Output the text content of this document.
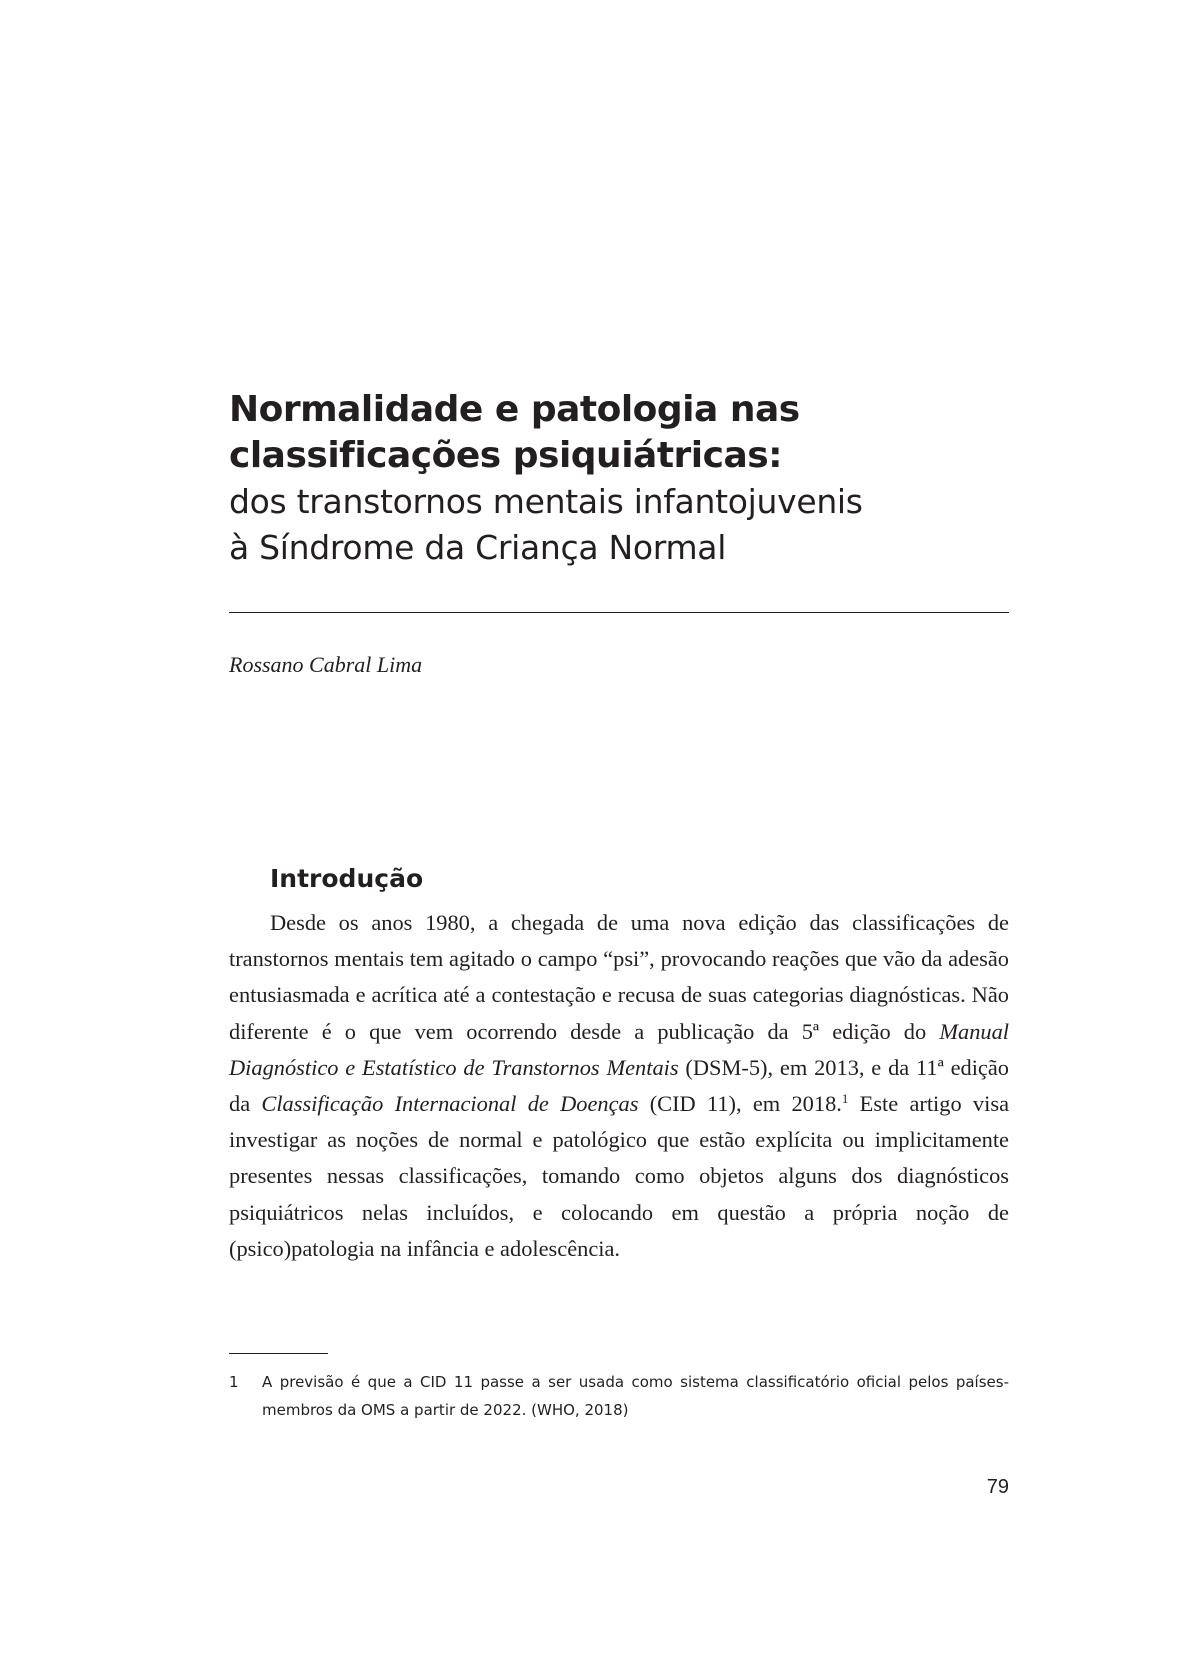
Normalidade e patologia nas
classificações psiquiátricas:
dos transtornos mentais infantojuvenis
à Síndrome da Criança Normal
Rossano Cabral Lima
Introdução

Desde os anos 1980, a chegada de uma nova edição das classificações de transtornos mentais tem agitado o campo “psi”, provocando reações que vão da adesão entusiasmada e acrítica até a contestação e recusa de suas categorias diagnósticas. Não diferente é o que vem ocorrendo desde a publicação da 5ª edição do Manual Diagnóstico e Estatístico de Transtornos Mentais (DSM-5), em 2013, e da 11ª edição da Classificação Internacional de Doenças (CID 11), em 2018.$^1$ Este artigo visa investigar as noções de normal e patológico que estão explícita ou implicitamente presentes nessas classificações, tomando como objetos alguns dos diagnósticos psiquiátricos nelas incluídos, e colocando em questão a própria noção de (psico)patologia na infância e adolescência.

1 A previsão é que a CID 11 passe a ser usada como sistema classificatório oficial pelos países-membros da OMS a partir de 2022. (WHO, 2018)
79
